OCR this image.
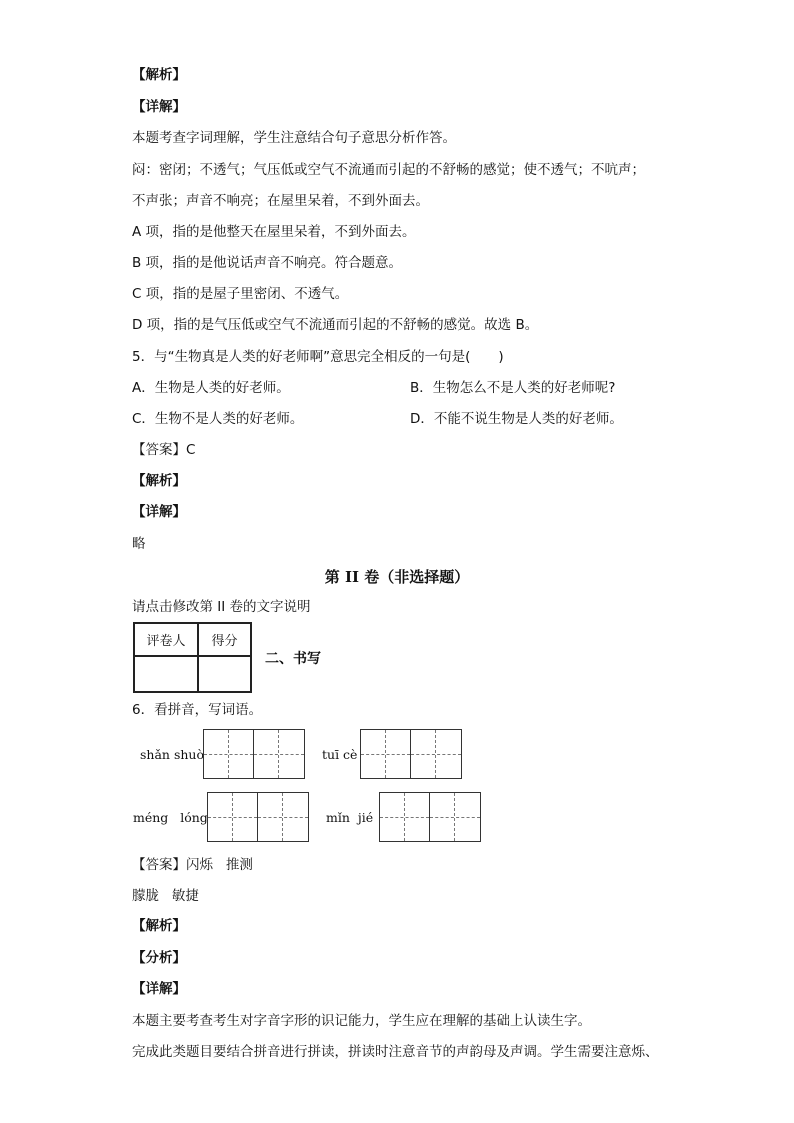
【解析】
【详解】
本题考查字词理解，学生注意结合句子意思分析作答。
闷：密闭；不透气；气压低或空气不流通而引起的不舒畅的感觉；使不透气；不吭声；
不声张；声音不响亮；在屋里呆着，不到外面去。
A 项，指的是他整天在屋里呆着，不到外面去。
B 项，指的是他说话声音不响亮。符合题意。
C 项，指的是屋子里密闭、不透气。
D 项，指的是气压低或空气不流通而引起的不舒畅的感觉。故选 B。
5．与“生物真是人类的好老师啊”意思完全相反的一句是( )
A．生物是人类的好老师。	B．生物怎么不是人类的好老师呢?
C．生物不是人类的好老师。	D．不能不说生物是人类的好老师。
【答案】C
【解析】
【详解】
略
第 II 卷（非选择题）
请点击修改第 II 卷的文字说明
评卷人	得分

二、书写
6．看拼音，写词语。
shǎn shuò	tuī cè
méng   lóng	mǐn  jié
【答案】闪烁   推测
朦胧   敏捷
【解析】
【分析】
【详解】
本题主要考查考生对字音字形的识记能力，学生应在理解的基础上认读生字。
完成此类题目要结合拼音进行拼读，拼读时注意音节的声韵母及声调。学生需要注意烁、
